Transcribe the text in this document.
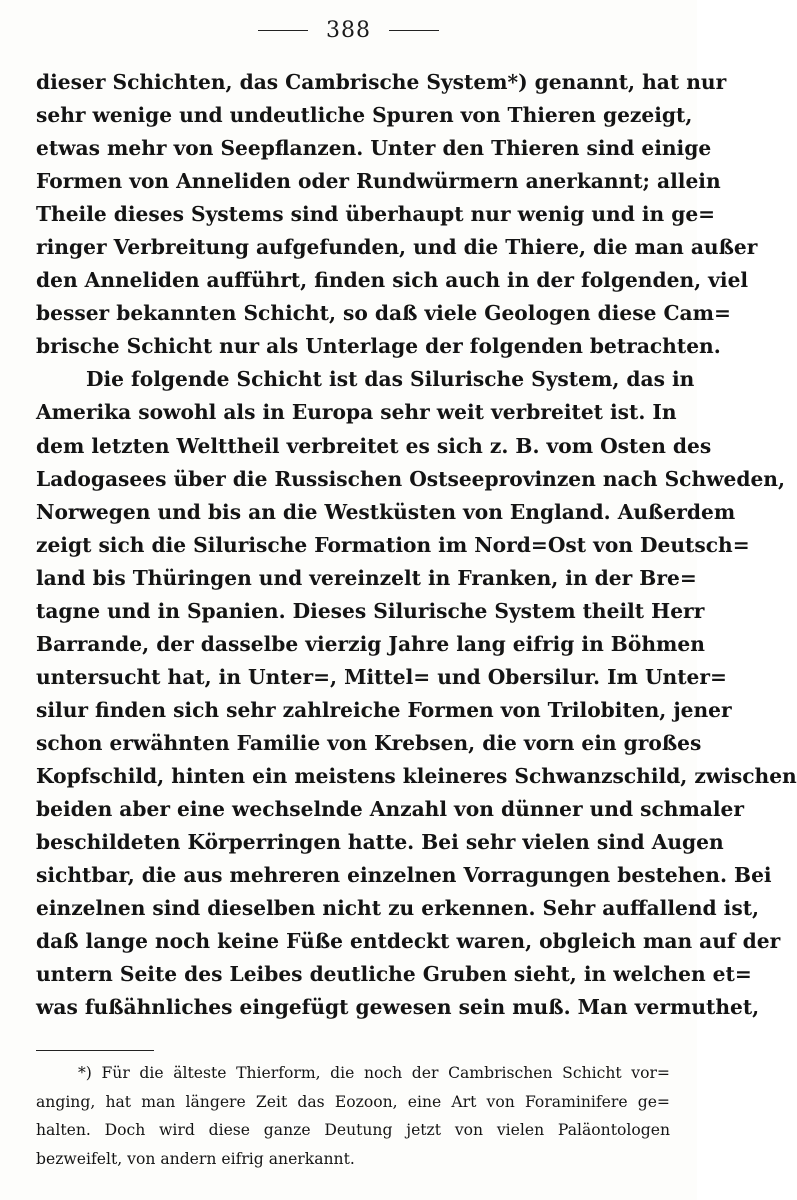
388
dieser Schichten, das Cambrische System*) genannt, hat nur
sehr wenige und undeutliche Spuren von Thieren gezeigt,
etwas mehr von Seepflanzen. Unter den Thieren sind einige
Formen von Anneliden oder Rundwürmern anerkannt; allein
Theile dieses Systems sind überhaupt nur wenig und in ge=
ringer Verbreitung aufgefunden, und die Thiere, die man außer
den Anneliden aufführt, finden sich auch in der folgenden, viel
besser bekannten Schicht, so daß viele Geologen diese Cam=
brische Schicht nur als Unterlage der folgenden betrachten.
Die folgende Schicht ist das Silurische System, das in
Amerika sowohl als in Europa sehr weit verbreitet ist. In
dem letzten Welttheil verbreitet es sich z. B. vom Osten des
Ladogasees über die Russischen Ostseeprovinzen nach Schweden,
Norwegen und bis an die Westküsten von England. Außerdem
zeigt sich die Silurische Formation im Nord=Ost von Deutsch=
land bis Thüringen und vereinzelt in Franken, in der Bre=
tagne und in Spanien. Dieses Silurische System theilt Herr
Barrande, der dasselbe vierzig Jahre lang eifrig in Böhmen
untersucht hat, in Unter=, Mittel= und Obersilur. Im Unter=
silur finden sich sehr zahlreiche Formen von Trilobiten, jener
schon erwähnten Familie von Krebsen, die vorn ein großes
Kopfschild, hinten ein meistens kleineres Schwanzschild, zwischen
beiden aber eine wechselnde Anzahl von dünner und schmaler
beschildeten Körperringen hatte. Bei sehr vielen sind Augen
sichtbar, die aus mehreren einzelnen Vorragungen bestehen. Bei
einzelnen sind dieselben nicht zu erkennen. Sehr auffallend ist,
daß lange noch keine Füße entdeckt waren, obgleich man auf der
untern Seite des Leibes deutliche Gruben sieht, in welchen et=
was fußähnliches eingefügt gewesen sein muß. Man vermuthet,
*) Für die älteste Thierform, die noch der Cambrischen Schicht vor=
anging, hat man längere Zeit das Eozoon, eine Art von Foraminifere ge=
halten. Doch wird diese ganze Deutung jetzt von vielen Paläontologen
bezweifelt, von andern eifrig anerkannt.
